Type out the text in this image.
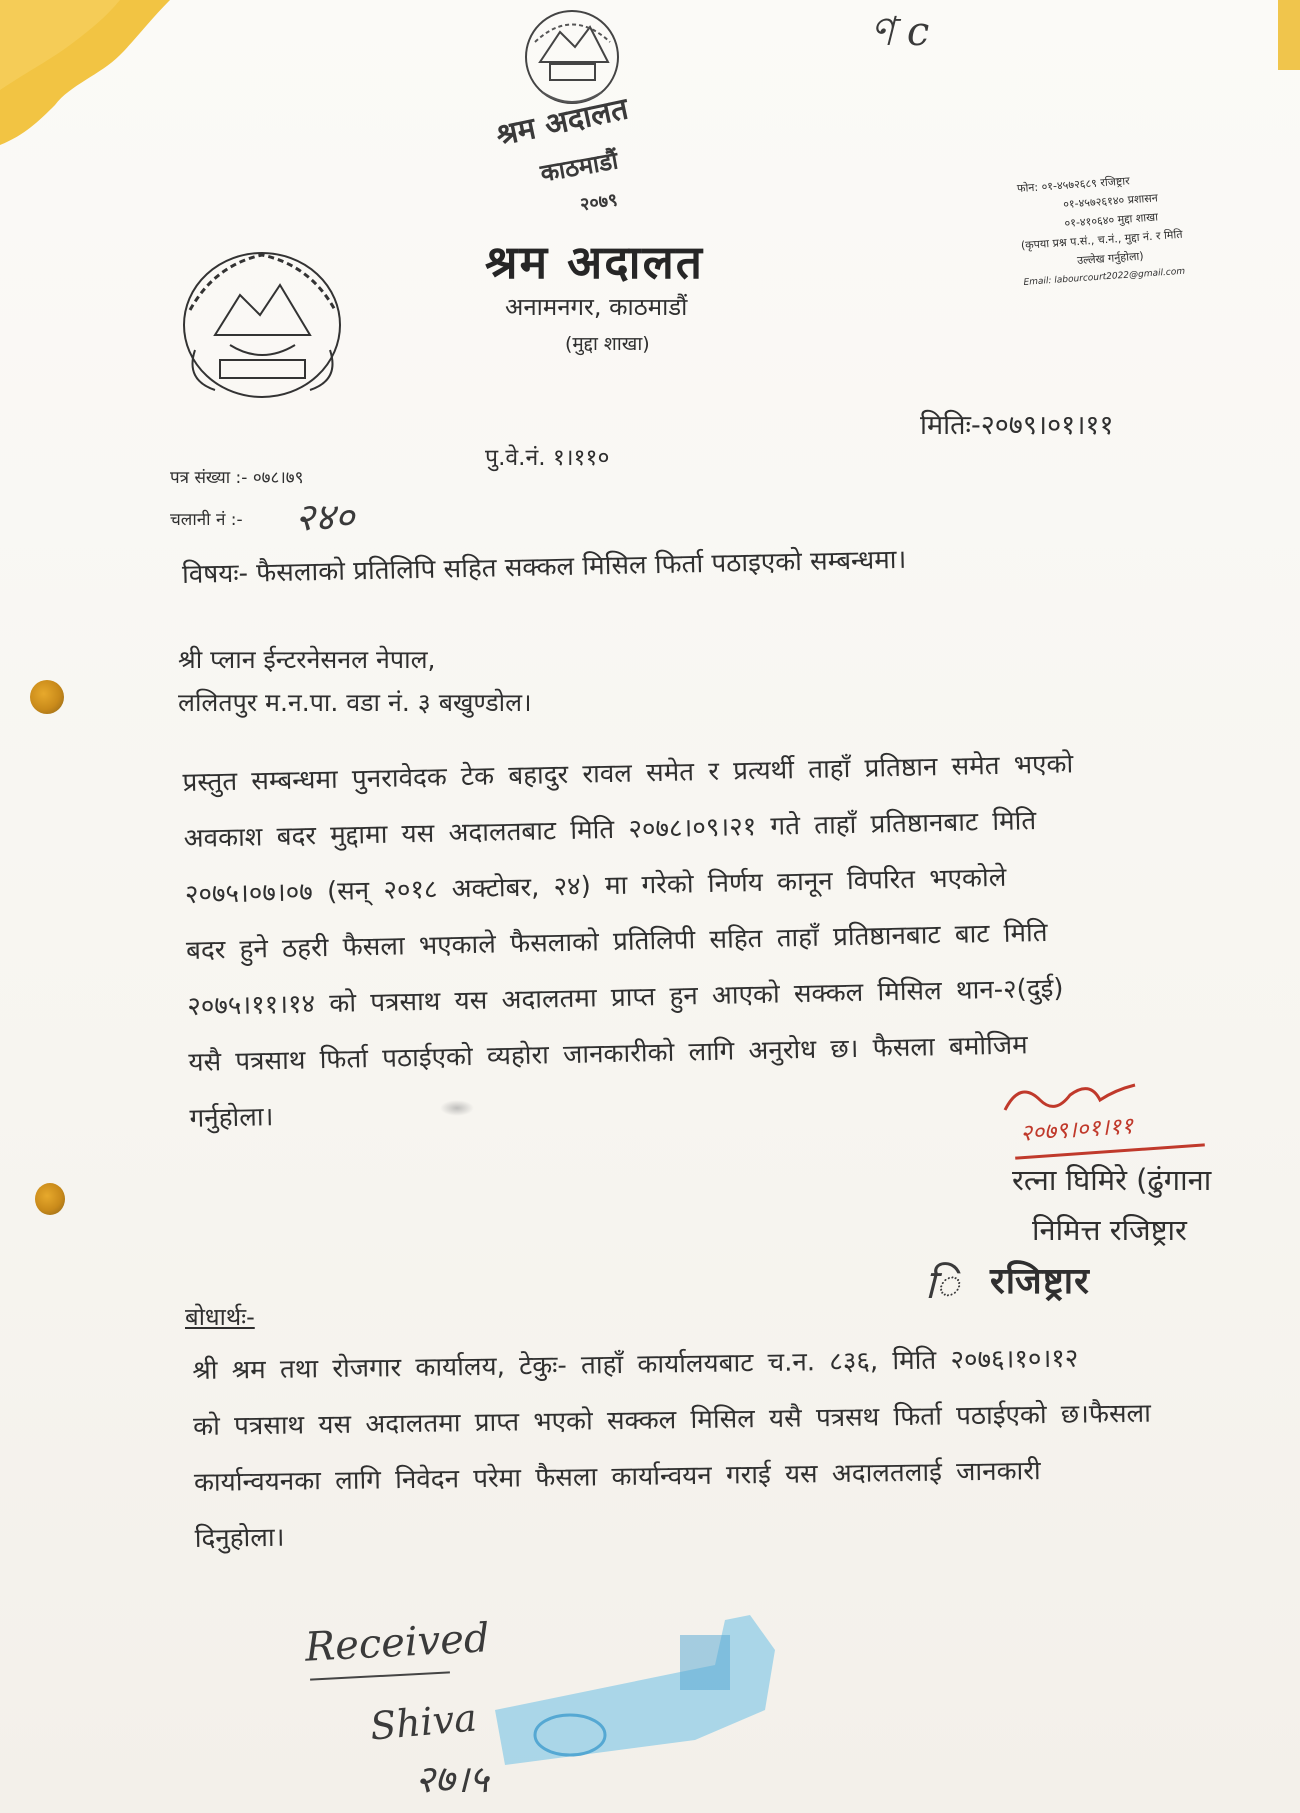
ণ c
श्रम अदालत
काठमाडौं
२०७९
श्रम अदालत
अनामनगर, काठमाडौं
(मुद्दा शाखा)
फोन: ०१-४५७२६८९ रजिष्ट्रार
०१-४५७२६१४० प्रशासन
०१-४१०६४० मुद्दा शाखा
(कृपया प्रश्न प.सं., च.नं., मुद्दा नं. र मिति
उल्लेख गर्नुहोला)
Email: labourcourt2022@gmail.com
मितिः-२०७९।०१।११
पु.वे.नं. १।११०
पत्र संख्या :- ०७८।७९
चलानी नं :- २४०
विषयः- फैसलाको प्रतिलिपि सहित सक्कल मिसिल फिर्ता पठाइएको सम्बन्धमा।
श्री प्लान ईन्टरनेसनल नेपाल,
ललितपुर म.न.पा. वडा नं. ३ बखुण्डोल।
प्रस्तुत सम्बन्धमा पुनरावेदक टेक बहादुर रावल समेत र प्रत्यर्थी ताहाँ प्रतिष्ठान समेत भएको
अवकाश बदर मुद्दामा यस अदालतबाट मिति २०७८।०९।२१ गते ताहाँ प्रतिष्ठानबाट मिति
२०७५।०७।०७ (सन् २०१८ अक्टोबर, २४) मा गरेको निर्णय कानून विपरित भएकोले
बदर हुने ठहरी फैसला भएकाले फैसलाको प्रतिलिपी सहित ताहाँ प्रतिष्ठानबाट बाट मिति
२०७५।११।१४ को पत्रसाथ यस अदालतमा प्राप्त हुन आएको सक्कल मिसिल थान-२(दुई)
यसै पत्रसाथ फिर्ता पठाईएको व्यहोरा जानकारीको लागि अनुरोध छ। फैसला बमोजिम
गर्नुहोला।	२०७९।०१।११
रत्ना घिमिरे (ढुंगाना
निमित्त रजिष्ट्रार
रजिष्ट्रार
ि
बोधार्थः-
श्री श्रम तथा रोजगार कार्यालय, टेकुः- ताहाँ कार्यालयबाट च.न. ८३६, मिति २०७६।१०।१२
को पत्रसाथ यस अदालतमा प्राप्त भएको सक्कल मिसिल यसै पत्रसथ फिर्ता पठाईएको छ।फैसला
कार्यान्वयनका लागि निवेदन परेमा फैसला कार्यान्वयन गराई यस अदालतलाई जानकारी
दिनुहोला।
Received
Shiva
२७।५
